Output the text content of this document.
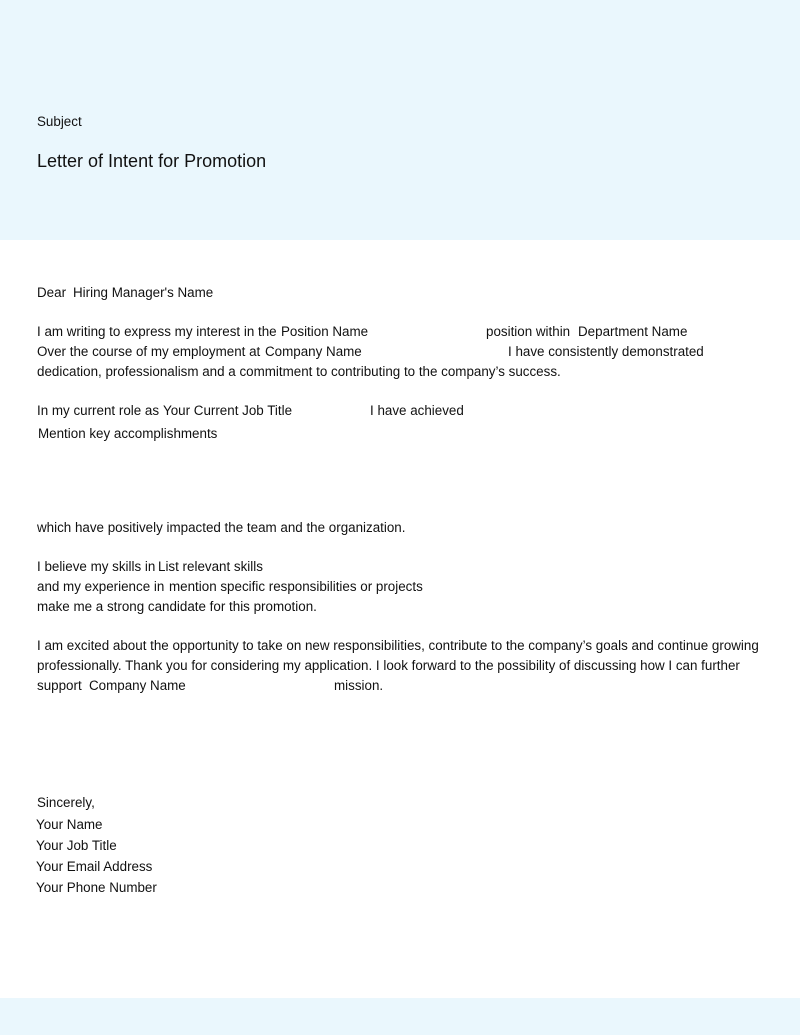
Subject
Letter of Intent for Promotion
Dear Hiring Manager's Name
I am writing to express my interest in the Position Name	position within Department Name
Over the course of my employment at Company Name	I have consistently demonstrated
dedication, professionalism and a commitment to contributing to the company’s success.
In my current role as Your Current Job Title	I have achieved
Mention key accomplishments
which have positively impacted the team and the organization.
I believe my skills in List relevant skills
and my experience in mention specific responsibilities or projects
make me a strong candidate for this promotion.
I am excited about the opportunity to take on new responsibilities, contribute to the company’s goals and continue growing
professionally. Thank you for considering my application. I look forward to the possibility of discussing how I can further
support Company Name	mission.
Sincerely,
Your Name
Your Job Title
Your Email Address
Your Phone Number
